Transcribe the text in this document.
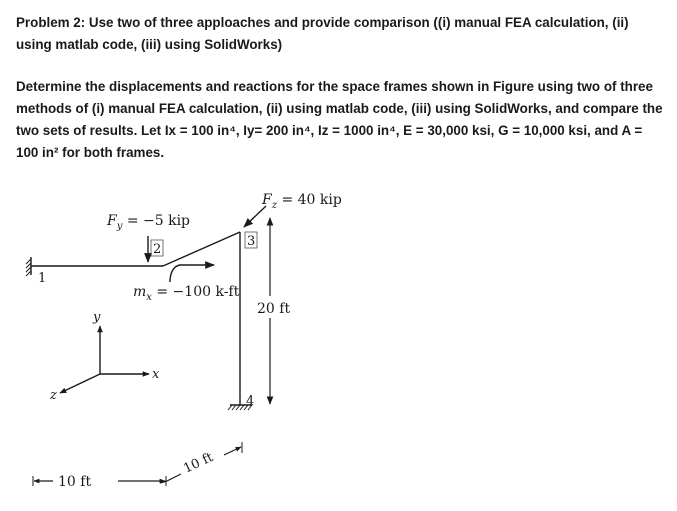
Problem 2: Use two of three apploaches and provide comparison ((i) manual FEA calculation, (ii) using matlab code, (iii) using SolidWorks)

Determine the displacements and reactions for the space frames shown in Figure using two of three methods of (i) manual FEA calculation, (ii) using matlab code, (iii) using SolidWorks, and compare the two sets of results. Let Ix = 100 in⁴, Iy= 200 in⁴, Iz = 1000 in⁴, E = 30,000 ksi, G = 10,000 ksi, and A = 100 in² for both frames.

1
2
3
4
$F_y = -5$ kip
$m_x = -100$ k-ft
$F_z = 40$ kip
20 ft
y
x
z
10 ft
10 ft
